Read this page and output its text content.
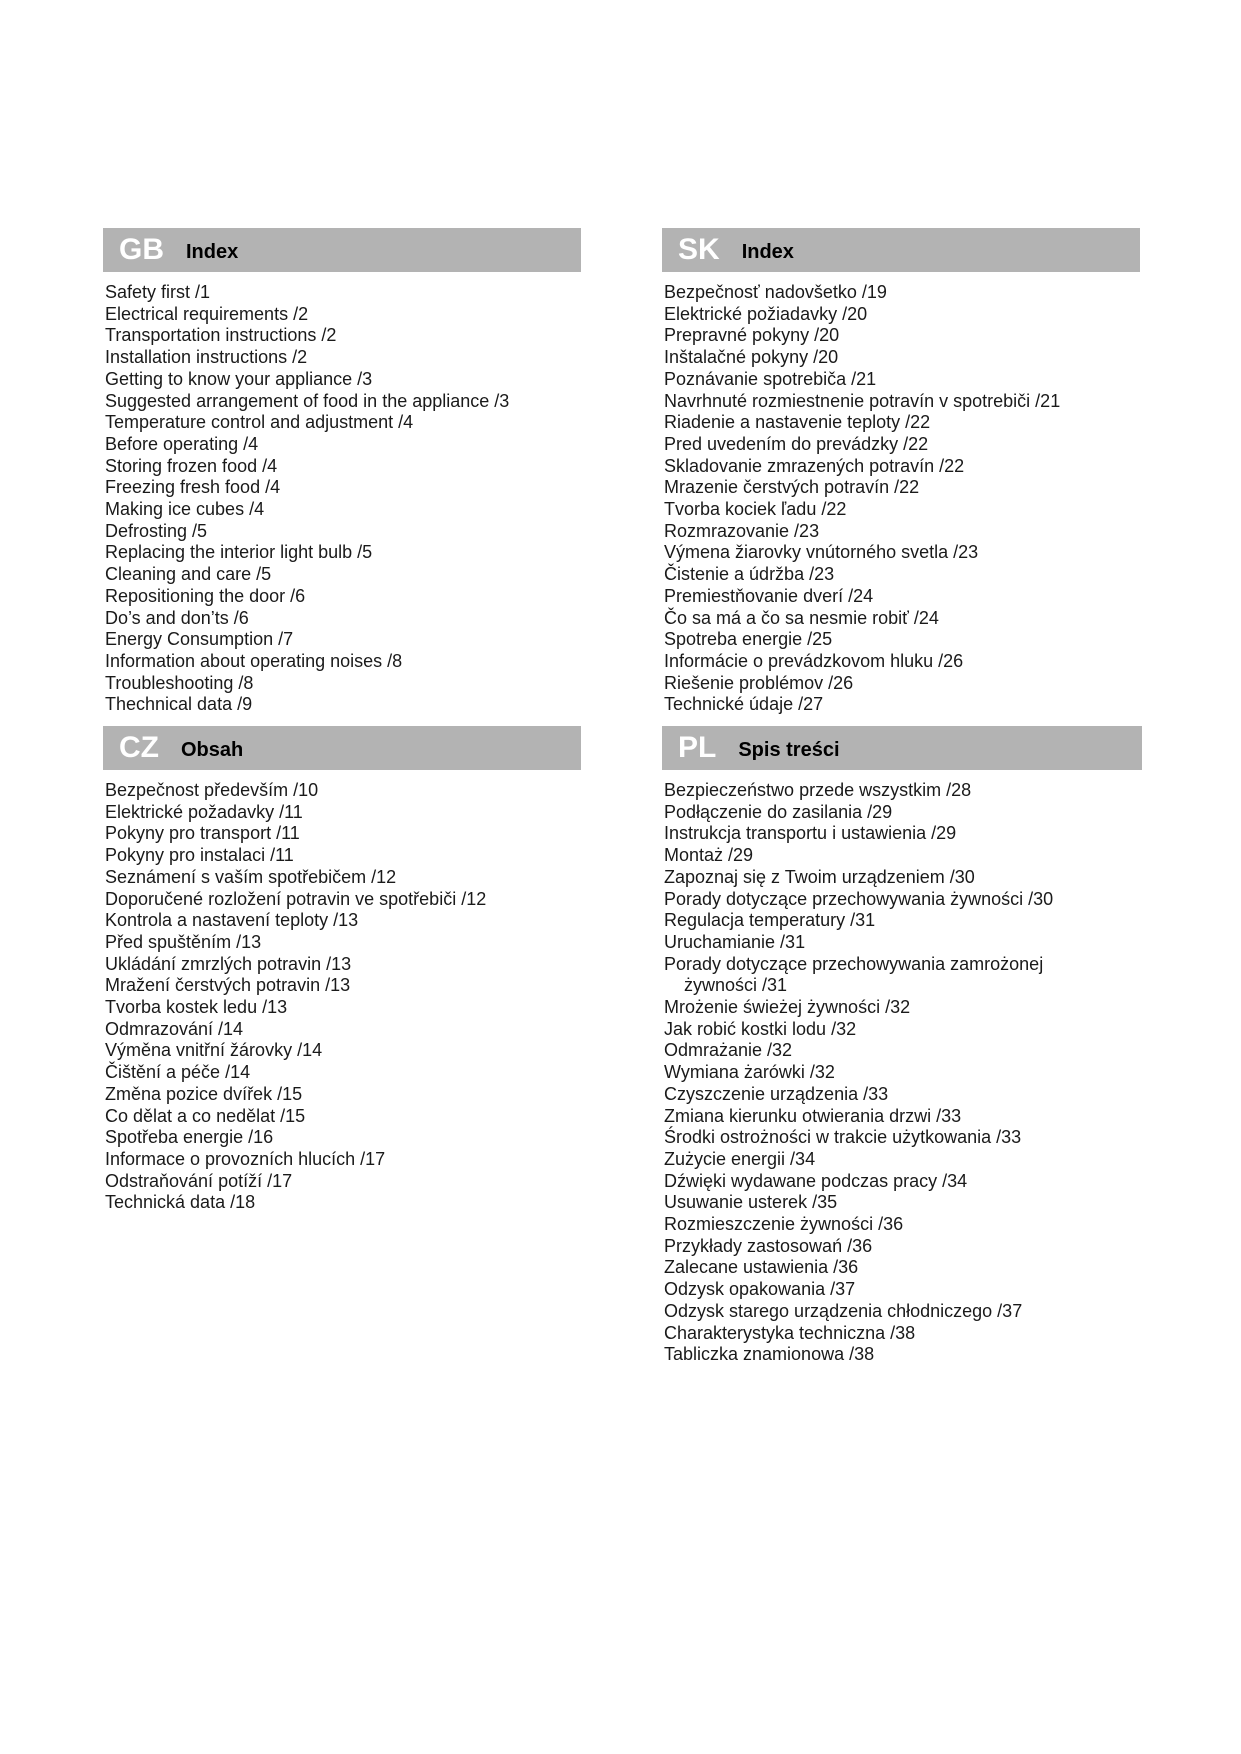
GB Index
Safety first /1
Electrical requirements /2
Transportation instructions /2
Installation instructions /2
Getting to know your appliance /3
Suggested arrangement of food in the appliance /3
Temperature control and adjustment /4
Before operating /4
Storing frozen food /4
Freezing fresh food /4
Making ice cubes /4
Defrosting /5
Replacing the interior light bulb /5
Cleaning and care /5
Repositioning the door /6
Do’s and don’ts /6
Energy Consumption /7
Information about operating noises /8
Troubleshooting /8
Thechnical data /9
SK Index
Bezpečnosť nadovšetko /19
Elektrické požiadavky /20
Prepravné pokyny /20
Inštalačné pokyny /20
Poznávanie spotrebiča /21
Navrhnuté rozmiestnenie potravín v spotrebiči /21
Riadenie a nastavenie teploty /22
Pred uvedením do prevádzky /22
Skladovanie zmrazených potravín /22
Mrazenie čerstvých potravín /22
Tvorba kociek ľadu /22
Rozmrazovanie /23
Výmena žiarovky vnútorného svetla /23
Čistenie a údržba /23
Premiestňovanie dverí /24
Čo sa má a čo sa nesmie robiť /24
Spotreba energie /25
Informácie o prevádzkovom hluku /26
Riešenie problémov /26
Technické údaje /27
CZ Obsah
Bezpečnost především /10
Elektrické požadavky /11
Pokyny pro transport /11
Pokyny pro instalaci /11
Seznámení s vaším spotřebičem /12
Doporučené rozložení potravin ve spotřebiči /12
Kontrola a nastavení teploty /13
Před spuštěním /13
Ukládání zmrzlých potravin /13
Mražení čerstvých potravin /13
Tvorba kostek ledu /13
Odmrazování /14
Výměna vnitřní žárovky /14
Čištění a péče /14
Změna pozice dvířek /15
Co dělat a co nedělat /15
Spotřeba energie /16
Informace o provozních hlucích /17
Odstraňování potíží /17
Technická data /18
PL Spis treści
Bezpieczeństwo przede wszystkim /28
Podłączenie do zasilania /29
Instrukcja transportu i ustawienia /29
Montaż /29
Zapoznaj się z Twoim urządzeniem /30
Porady dotyczące przechowywania żywności /30
Regulacja temperatury /31
Uruchamianie /31
Porady dotyczące przechowywania zamrożonej
żywności /31
Mrożenie świeżej żywności /32
Jak robić kostki lodu /32
Odmrażanie /32
Wymiana żarówki /32
Czyszczenie urządzenia /33
Zmiana kierunku otwierania drzwi /33
Środki ostrożności w trakcie użytkowania /33
Zużycie energii /34
Dźwięki wydawane podczas pracy /34
Usuwanie usterek /35
Rozmieszczenie żywności /36
Przykłady zastosowań /36
Zalecane ustawienia /36
Odzysk opakowania /37
Odzysk starego urządzenia chłodniczego /37
Charakterystyka techniczna /38
Tabliczka znamionowa /38
